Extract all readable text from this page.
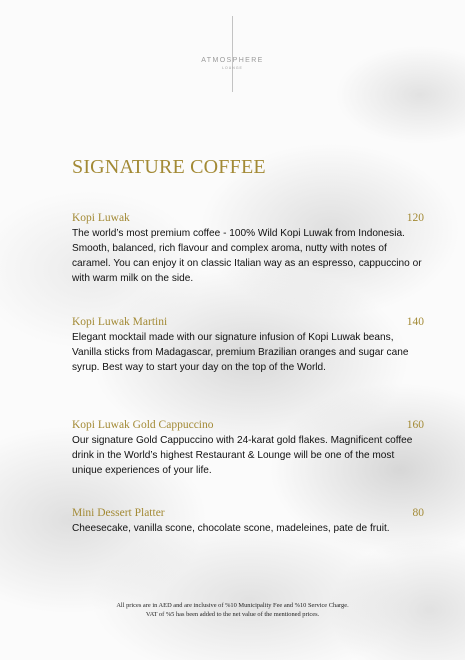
ATMOSPHERE
LOUNGE
SIGNATURE COFFEE
Kopi Luwak	120
The world’s most premium coffee - 100% Wild Kopi Luwak from Indonesia. Smooth, balanced, rich flavour and complex aroma, nutty with notes of caramel. You can enjoy it on classic Italian way as an espresso, cappuccino or with warm milk on the side.
Kopi Luwak Martini	140
Elegant mocktail made with our signature infusion of Kopi Luwak beans, Vanilla sticks from Madagascar, premium Brazilian oranges and sugar cane syrup. Best way to start your day on the top of the World.
Kopi Luwak Gold Cappuccino	160
Our signature Gold Cappuccino with 24-karat gold flakes. Magnificent coffee drink in the World’s highest Restaurant & Lounge will be one of the most unique experiences of your life.
Mini Dessert Platter	80
Cheesecake, vanilla scone, chocolate scone, madeleines, pate de fruit.
All prices are in AED and are inclusive of %10 Municipality Fee and %10 Service Charge.
VAT of %5 has been added to the net value of the mentioned prices.
